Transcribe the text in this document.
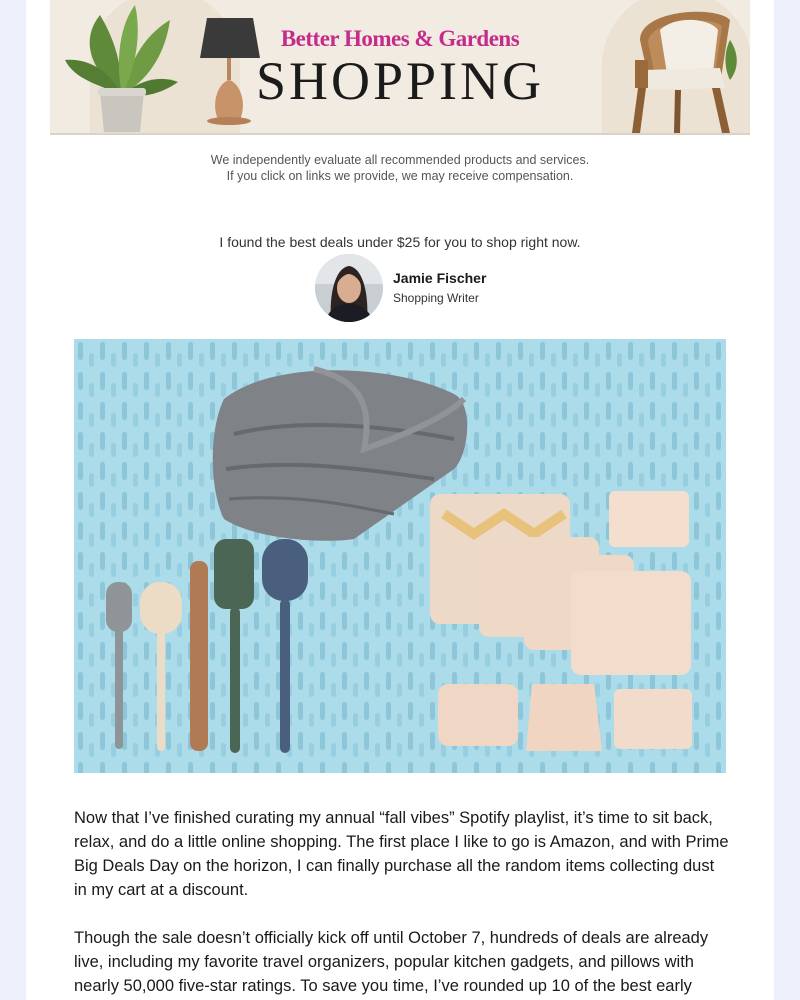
Better Homes & Gardens
SHOPPING
We independently evaluate all recommended products and services.
If you click on links we provide, we may receive compensation.
I found the best deals under $25 for you to shop right now.
Jamie Fischer
Shopping Writer
Now that I’ve finished curating my annual “fall vibes” Spotify playlist, it’s time to sit back, relax, and do a little online shopping. The first place I like to go is Amazon, and with Prime Big Deals Day on the horizon, I can finally purchase all the random items collecting dust in my cart at a discount.
Though the sale doesn’t officially kick off until October 7, hundreds of deals are already live, including my favorite travel organizers, popular kitchen gadgets, and pillows with nearly 50,000 five-star ratings. To save you time, I’ve rounded up 10 of the best early
